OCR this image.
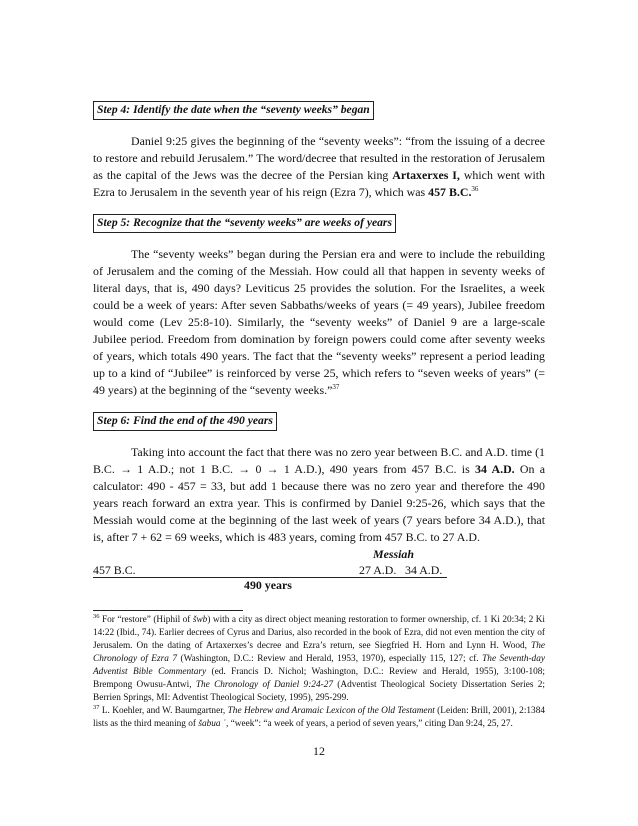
Step 4: Identify the date when the “seventy weeks” began

Daniel 9:25 gives the beginning of the “seventy weeks”: “from the issuing of a decree to restore and rebuild Jerusalem.” The word/decree that resulted in the restoration of Jerusalem as the capital of the Jews was the decree of the Persian king Artaxerxes I, which went with Ezra to Jerusalem in the seventh year of his reign (Ezra 7), which was 457 B.C.$^{36}$

Step 5: Recognize that the “seventy weeks” are weeks of years

The “seventy weeks” began during the Persian era and were to include the rebuilding of Jerusalem and the coming of the Messiah. How could all that happen in seventy weeks of literal days, that is, 490 days? Leviticus 25 provides the solution. For the Israelites, a week could be a week of years: After seven Sabbaths/weeks of years (= 49 years), Jubilee freedom would come (Lev 25:8-10). Similarly, the “seventy weeks” of Daniel 9 are a large-scale Jubilee period. Freedom from domination by foreign powers could come after seventy weeks of years, which totals 490 years. The fact that the “seventy weeks” represent a period leading up to a kind of “Jubilee” is reinforced by verse 25, which refers to “seven weeks of years” (= 49 years) at the beginning of the “seventy weeks.”$^{37}$

Step 6: Find the end of the 490 years

Taking into account the fact that there was no zero year between B.C. and A.D. time (1 B.C. → 1 A.D.; not 1 B.C. → 0 → 1 A.D.), 490 years from 457 B.C. is 34 A.D. On a calculator: 490 - 457 = 33, but add 1 because there was no zero year and therefore the 490 years reach forward an extra year. This is confirmed by Daniel 9:25-26, which says that the Messiah would come at the beginning of the last week of years (7 years before 34 A.D.), that is, after 7 + 62 = 69 weeks, which is 483 years, coming from 457 B.C. to 27 A.D.

Messiah
457 B.C.	27 A.D. 34 A.D.
490 years

$^{36}$ For “restore” (Hiphil of šwb) with a city as direct object meaning restoration to former ownership, cf. 1 Ki 20:34; 2 Ki 14:22 (Ibid., 74). Earlier decrees of Cyrus and Darius, also recorded in the book of Ezra, did not even mention the city of Jerusalem. On the dating of Artaxerxes’s decree and Ezra’s return, see Siegfried H. Horn and Lynn H. Wood, The Chronology of Ezra 7 (Washington, D.C.: Review and Herald, 1953, 1970), especially 115, 127; cf. The Seventh-day Adventist Bible Commentary (ed. Francis D. Nichol; Washington, D.C.: Review and Herald, 1955), 3:100-108; Brempong Owusu-Antwi, The Chronology of Daniel 9:24-27 (Adventist Theological Society Dissertation Series 2; Berrien Springs, MI: Adventist Theological Society, 1995), 295-299.

$^{37}$ L. Koehler, and W. Baumgartner, The Hebrew and Aramaic Lexicon of the Old Testament (Leiden: Brill, 2001), 2:1384 lists as the third meaning of šabua ʿ, “week”: “a week of years, a period of seven years,” citing Dan 9:24, 25, 27.

12
